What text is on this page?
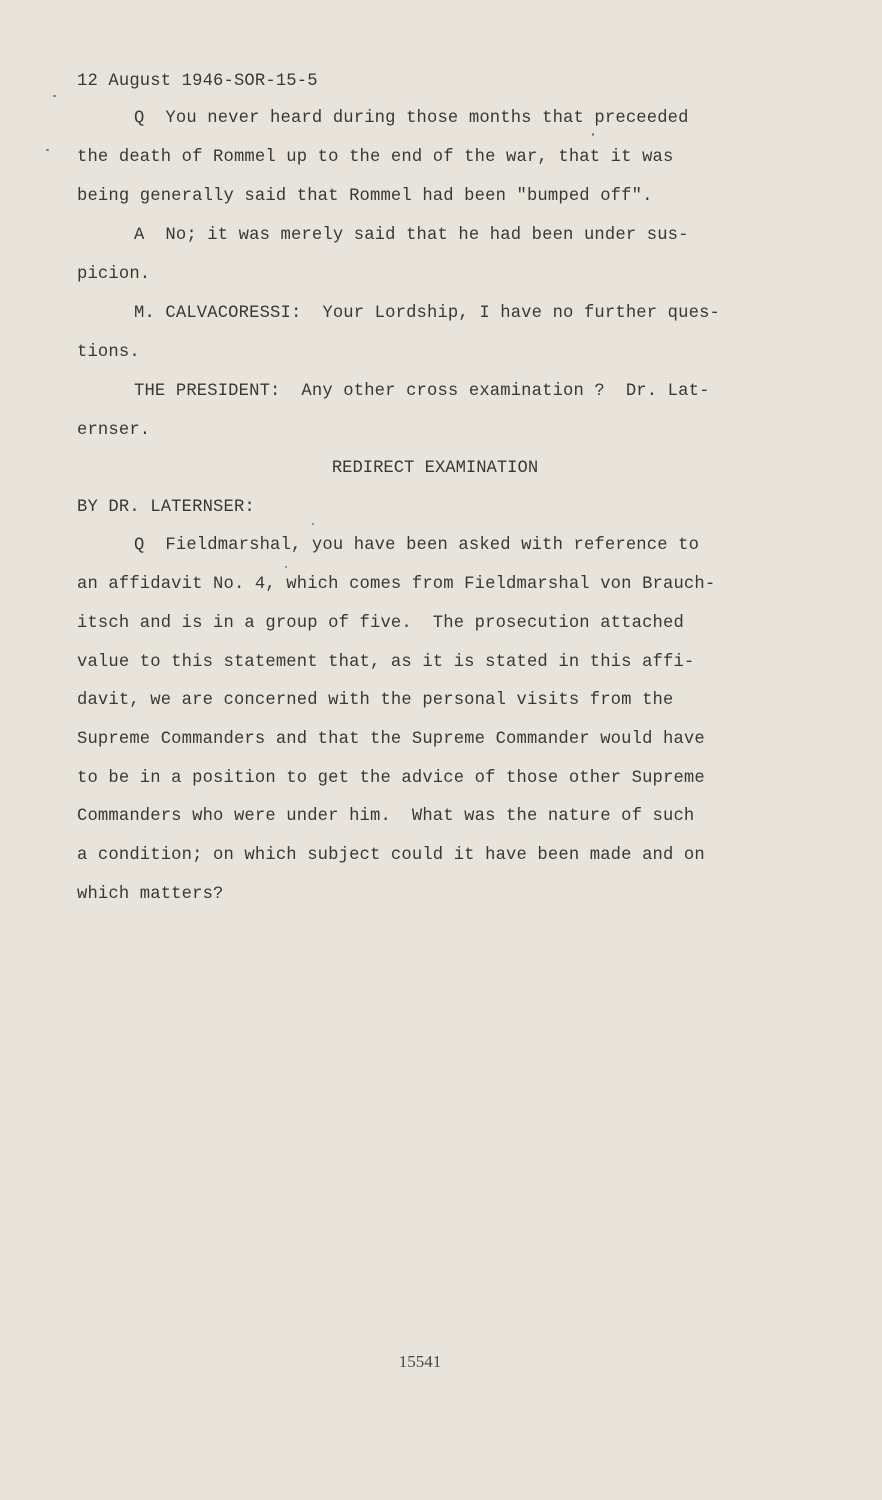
12 August 1946-SOR-15-5
Q  You never heard during those months that preceeded
the death of Rommel up to the end of the war, that it was
being generally said that Rommel had been "bumped off".
A  No; it was merely said that he had been under sus-
picion.
M. CALVACORESSI:  Your Lordship, I have no further ques-
tions.
THE PRESIDENT:  Any other cross examination ?  Dr. Lat-
ernser.
REDIRECT EXAMINATION
BY DR. LATERNSER:
Q  Fieldmarshal, you have been asked with reference to
an affidavit No. 4, which comes from Fieldmarshal von Brauch-
itsch and is in a group of five.  The prosecution attached
value to this statement that, as it is stated in this affi-
davit, we are concerned with the personal visits from the
Supreme Commanders and that the Supreme Commander would have
to be in a position to get the advice of those other Supreme
Commanders who were under him.  What was the nature of such
a condition; on which subject could it have been made and on
which matters?
15541
